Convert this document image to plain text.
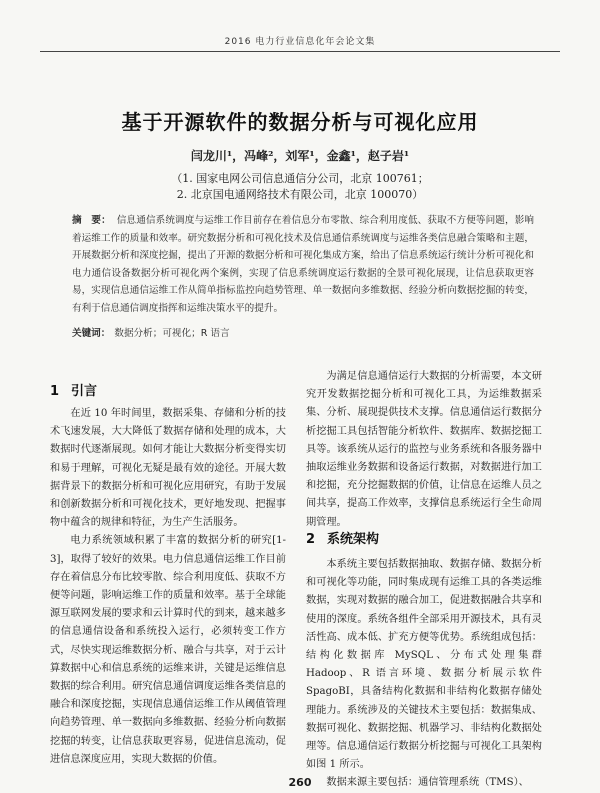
2016 电力行业信息化年会论文集
基于开源软件的数据分析与可视化应用
闫龙川¹，冯峰²，刘军¹，金鑫¹，赵子岩¹
（1. 国家电网公司信息通信分公司，北京 100761；
2. 北京国电通网络技术有限公司，北京 100070）
摘　要： 信息通信系统调度与运维工作目前存在着信息分布零散、综合利用度低、获取不方便等问题，影响着运维工作的质量和效率。研究数据分析和可视化技术及信息通信系统调度与运维各类信息融合策略和主题，开展数据分析和深度挖掘，提出了开源的数据分析和可视化集成方案，给出了信息系统运行统计分析可视化和电力通信设备数据分析可视化两个案例，实现了信息系统调度运行数据的全景可视化展现，让信息获取更容易，实现信息通信运维工作从简单指标监控向趋势管理、单一数据向多维数据、经验分析向数据挖掘的转变，有利于信息通信调度指挥和运维决策水平的提升。
关键词： 数据分析；可视化；R 语言
1 引言

在近 10 年时间里，数据采集、存储和分析的技术飞速发展，大大降低了数据存储和处理的成本，大数据时代逐渐展现。如何才能让大数据分析变得实切和易于理解，可视化无疑是最有效的途径。开展大数据背景下的数据分析和可视化应用研究，有助于发展和创新数据分析和可视化技术，更好地发现、把握事物中蕴含的规律和特征，为生产生活服务。

电力系统领域积累了丰富的数据分析的研究[1-3]，取得了较好的效果。电力信息通信运维工作目前存在着信息分布比较零散、综合利用度低、获取不方便等问题，影响运维工作的质量和效率。基于全球能源互联网发展的要求和云计算时代的到来，越来越多的信息通信设备和系统投入运行，必须转变工作方式，尽快实现运维数据分析、融合与共享，对于云计算数据中心和信息系统的运维来讲，关键是运维信息数据的综合利用。研究信息通信调度运维各类信息的融合和深度挖掘，实现信息通信运维工作从阈值管理向趋势管理、单一数据向多维数据、经验分析向数据挖掘的转变，让信息获取更容易，促进信息流动，促进信息深度应用，实现大数据的价值。

为满足信息通信运行大数据的分析需要，本文研究开发数据挖掘分析和可视化工具，为运维数据采集、分析、展现提供技术支撑。信息通信运行数据分析挖掘工具包括智能分析软件、数据库、数据挖掘工具等。该系统从运行的监控与业务系统和各服务器中抽取运维业务数据和设备运行数据，对数据进行加工和挖掘，充分挖掘数据的价值，让信息在运维人员之间共享，提高工作效率，支撑信息系统运行全生命周期管理。

2 系统架构

本系统主要包括数据抽取、数据存储、数据分析和可视化等功能，同时集成现有运维工具的各类运维数据，实现对数据的融合加工，促进数据融合共享和使用的深度。系统各组件全部采用开源技术，具有灵活性高、成本低、扩充方便等优势。系统组成包括：结构化数据库 MySQL、分布式处理集群 Hadoop、R 语言环境、数据分析展示软件 SpagoBI，具备结构化数据和非结构化数据存储处理能力。系统涉及的关键技术主要包括：数据集成、数据可视化、数据挖掘、机器学习、非结构化数据处理等。信息通信运行数据分析挖掘与可视化工具架构如图 1 所示。

数据来源主要包括：通信管理系统（TMS）、

260
